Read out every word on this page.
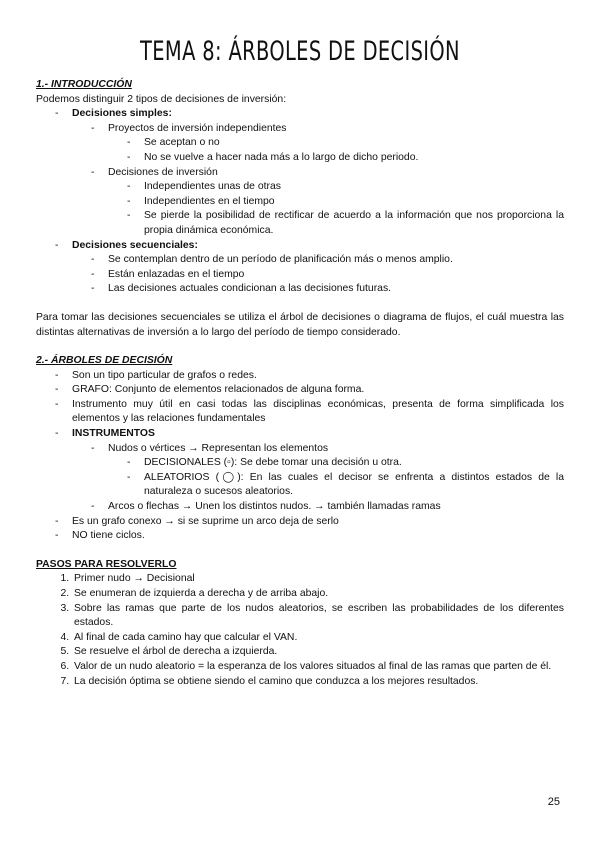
TEMA 8: ÁRBOLES DE DECISIÓN
1.- INTRODUCCIÓN
Podemos distinguir 2 tipos de decisiones de inversión:
- Decisiones simples:
- Proyectos de inversión independientes
- Se aceptan o no
- No se vuelve a hacer nada más a lo largo de dicho periodo.
- Decisiones de inversión
- Independientes unas de otras
- Independientes en el tiempo
- Se pierde la posibilidad de rectificar de acuerdo a la información que nos proporciona la propia dinámica económica.
- Decisiones secuenciales:
- Se contemplan dentro de un período de planificación más o menos amplio.
- Están enlazadas en el tiempo
- Las decisiones actuales condicionan a las decisiones futuras.
Para tomar las decisiones secuenciales se utiliza el árbol de decisiones o diagrama de flujos, el cuál muestra las distintas alternativas de inversión a lo largo del período de tiempo considerado.
2.- ÁRBOLES DE DECISIÓN
- Son un tipo particular de grafos o redes.
- GRAFO: Conjunto de elementos relacionados de alguna forma.
- Instrumento muy útil en casi todas las disciplinas económicas, presenta de forma simplificada los elementos y las relaciones fundamentales
- INSTRUMENTOS
- Nudos o vértices → Representan los elementos
- DECISIONALES (▫): Se debe tomar una decisión u otra.
- ALEATORIOS (◯): En las cuales el decisor se enfrenta a distintos estados de la naturaleza o sucesos aleatorios.
- Arcos o flechas → Unen los distintos nudos. → también llamadas ramas
- Es un grafo conexo → si se suprime un arco deja de serlo
- NO tiene ciclos.
PASOS PARA RESOLVERLO
1. Primer nudo → Decisional
2. Se enumeran de izquierda a derecha y de arriba abajo.
3. Sobre las ramas que parte de los nudos aleatorios, se escriben las probabilidades de los diferentes estados.
4. Al final de cada camino hay que calcular el VAN.
5. Se resuelve el árbol de derecha a izquierda.
6. Valor de un nudo aleatorio = la esperanza de los valores situados al final de las ramas que parten de él.
7. La decisión óptima se obtiene siendo el camino que conduzca a los mejores resultados.
25
